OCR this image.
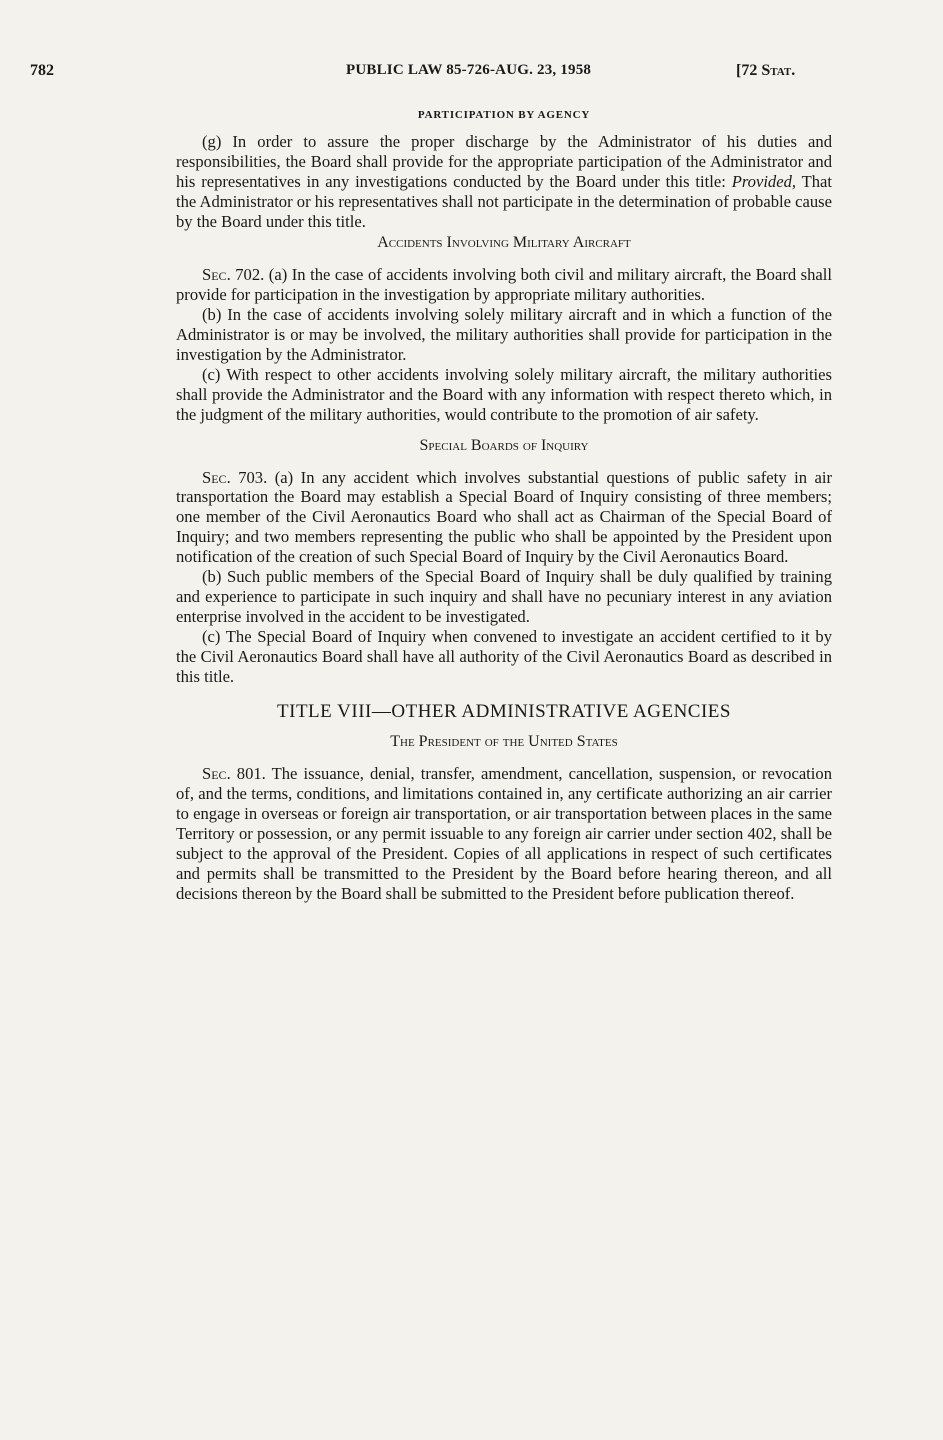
782	PUBLIC LAW 85-726-AUG. 23, 1958	[72 Stat.
PARTICIPATION BY AGENCY

(g) In order to assure the proper discharge by the Administrator of his duties and responsibilities, the Board shall provide for the appropriate participation of the Administrator and his representatives in any investigations conducted by the Board under this title: Provided, That the Administrator or his representatives shall not participate in the determination of probable cause by the Board under this title.

Accidents Involving Military Aircraft

Sec. 702. (a) In the case of accidents involving both civil and military aircraft, the Board shall provide for participation in the investigation by appropriate military authorities.

(b) In the case of accidents involving solely military aircraft and in which a function of the Administrator is or may be involved, the military authorities shall provide for participation in the investigation by the Administrator.

(c) With respect to other accidents involving solely military aircraft, the military authorities shall provide the Administrator and the Board with any information with respect thereto which, in the judgment of the military authorities, would contribute to the promotion of air safety.

Special Boards of Inquiry

Sec. 703. (a) In any accident which involves substantial questions of public safety in air transportation the Board may establish a Special Board of Inquiry consisting of three members; one member of the Civil Aeronautics Board who shall act as Chairman of the Special Board of Inquiry; and two members representing the public who shall be appointed by the President upon notification of the creation of such Special Board of Inquiry by the Civil Aeronautics Board.

(b) Such public members of the Special Board of Inquiry shall be duly qualified by training and experience to participate in such inquiry and shall have no pecuniary interest in any aviation enterprise involved in the accident to be investigated.

(c) The Special Board of Inquiry when convened to investigate an accident certified to it by the Civil Aeronautics Board shall have all authority of the Civil Aeronautics Board as described in this title.

TITLE VIII—OTHER ADMINISTRATIVE AGENCIES
The President of the United States

Sec. 801. The issuance, denial, transfer, amendment, cancellation, suspension, or revocation of, and the terms, conditions, and limitations contained in, any certificate authorizing an air carrier to engage in overseas or foreign air transportation, or air transportation between places in the same Territory or possession, or any permit issuable to any foreign air carrier under section 402, shall be subject to the approval of the President. Copies of all applications in respect of such certificates and permits shall be transmitted to the President by the Board before hearing thereon, and all decisions thereon by the Board shall be submitted to the President before publication thereof.
